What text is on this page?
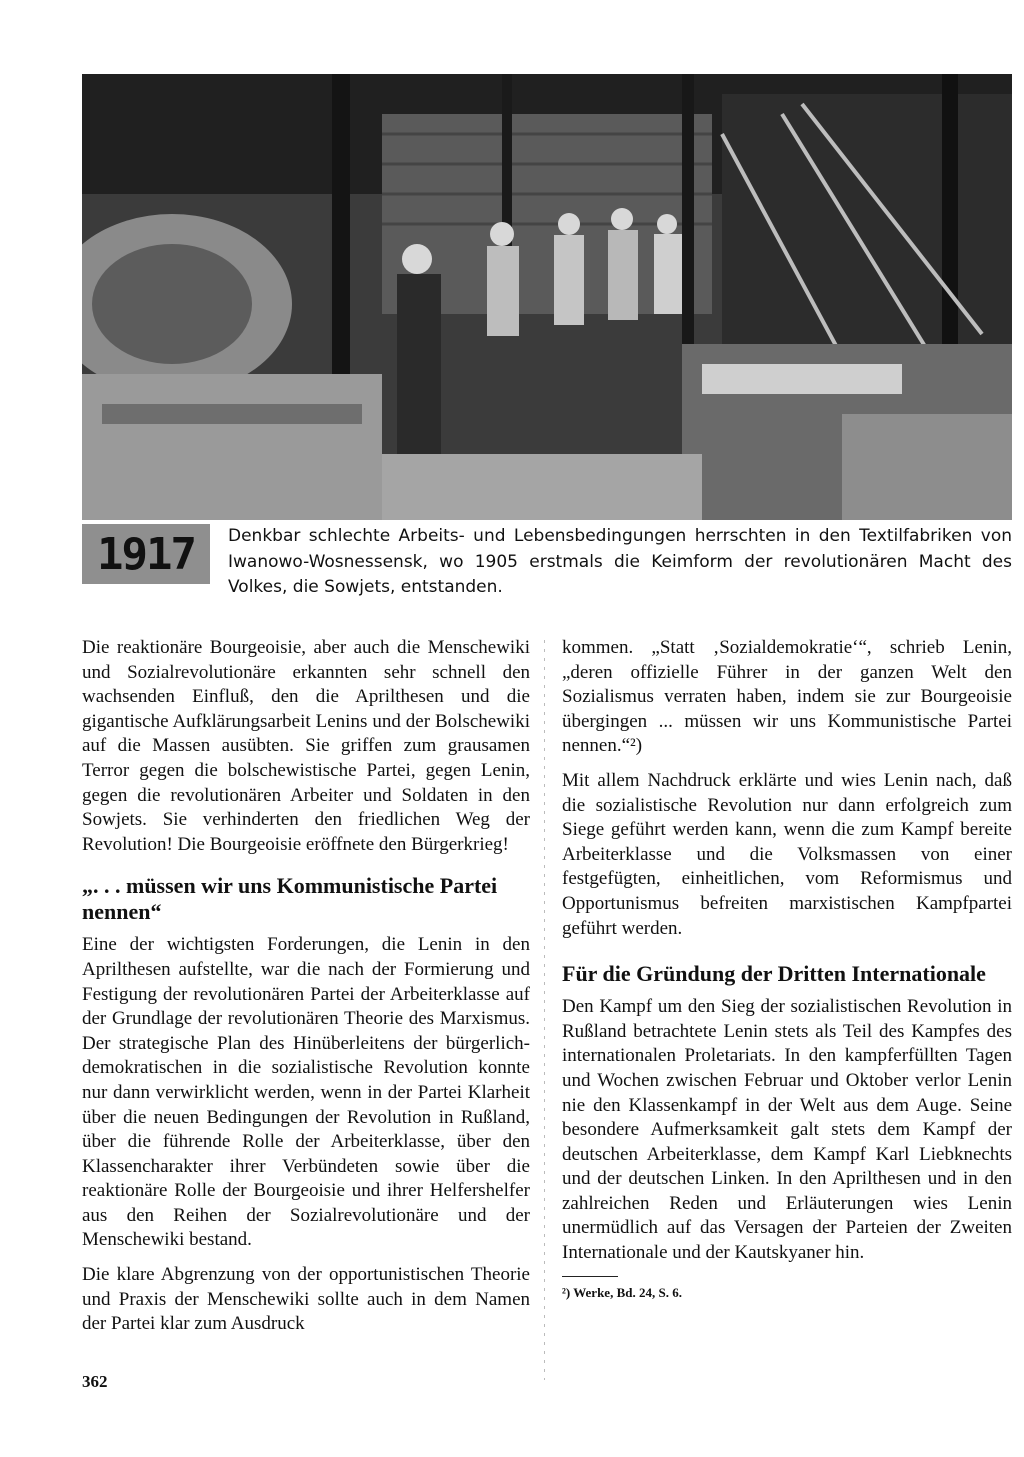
1917 Denkbar schlechte Arbeits- und Lebensbedingungen herrschten in den Textilfabriken von Iwanowo-Wosnessensk, wo 1905 erstmals die Keimform der revolutionären Macht des Volkes, die Sowjets, entstanden.

Die reaktionäre Bourgeoisie, aber auch die Menschewiki und Sozialrevolutionäre erkannten sehr schnell den wachsenden Einfluß, den die Aprilthesen und die gigantische Aufklärungsarbeit Lenins und der Bolschewiki auf die Massen ausübten. Sie griffen zum grausamen Terror gegen die bolschewistische Partei, gegen Lenin, gegen die revolutionären Arbeiter und Soldaten in den Sowjets. Sie verhinderten den friedlichen Weg der Revolution! Die Bourgeoisie eröffnete den Bürgerkrieg!

„. . . müssen wir uns Kommunistische Partei nennen“

Eine der wichtigsten Forderungen, die Lenin in den Aprilthesen aufstellte, war die nach der Formierung und Festigung der revolutionären Partei der Arbeiterklasse auf der Grundlage der revolutionären Theorie des Marxismus. Der strategische Plan des Hinüberleitens der bürgerlich-demokratischen in die sozialistische Revolution konnte nur dann verwirklicht werden, wenn in der Partei Klarheit über die neuen Bedingungen der Revolution in Rußland, über die führende Rolle der Arbeiterklasse, über den Klassencharakter ihrer Verbündeten sowie über die reaktionäre Rolle der Bourgeoisie und ihrer Helfershelfer aus den Reihen der Sozialrevolutionäre und der Menschewiki bestand.

Die klare Abgrenzung von der opportunistischen Theorie und Praxis der Menschewiki sollte auch in dem Namen der Partei klar zum Ausdruck

kommen. „Statt ‚Sozialdemokratie‘“, schrieb Lenin, „deren offizielle Führer in der ganzen Welt den Sozialismus verraten haben, indem sie zur Bourgeoisie übergingen ... müssen wir uns Kommunistische Partei nennen.“²)

Mit allem Nachdruck erklärte und wies Lenin nach, daß die sozialistische Revolution nur dann erfolgreich zum Siege geführt werden kann, wenn die zum Kampf bereite Arbeiterklasse und die Volksmassen von einer festgefügten, einheitlichen, vom Reformismus und Opportunismus befreiten marxistischen Kampfpartei geführt werden.

Für die Gründung der Dritten Internationale

Den Kampf um den Sieg der sozialistischen Revolution in Rußland betrachtete Lenin stets als Teil des Kampfes des internationalen Proletariats. In den kampferfüllten Tagen und Wochen zwischen Februar und Oktober verlor Lenin nie den Klassenkampf in der Welt aus dem Auge. Seine besondere Aufmerksamkeit galt stets dem Kampf der deutschen Arbeiterklasse, dem Kampf Karl Liebknechts und der deutschen Linken. In den Aprilthesen und in den zahlreichen Reden und Erläuterungen wies Lenin unermüdlich auf das Versagen der Parteien der Zweiten Internationale und der Kautskyaner hin.

²) Werke, Bd. 24, S. 6.
362
